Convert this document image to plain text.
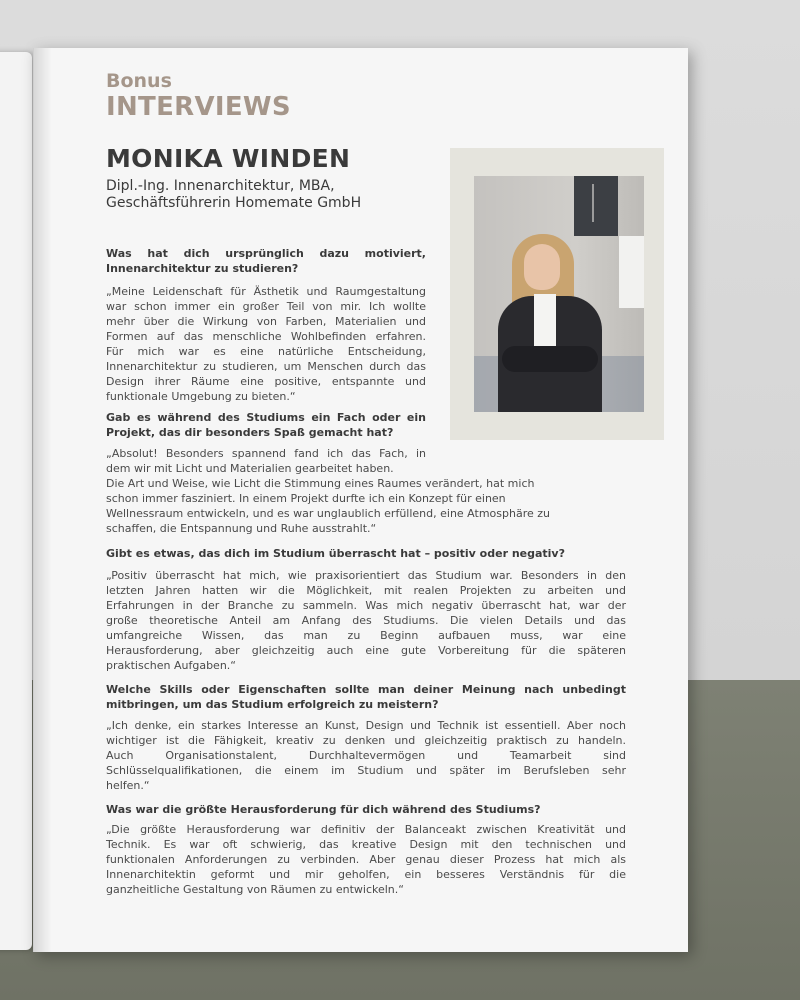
Bonus
INTERVIEWS
MONIKA WINDEN
Dipl.-Ing. Innenarchitektur, MBA,
Geschäftsführerin Homemate GmbH
Was hat dich ursprünglich dazu motiviert,
Innenarchitektur zu studieren?
„Meine Leidenschaft für Ästhetik und Raumgestaltung
war schon immer ein großer Teil von mir. Ich wollte
mehr über die Wirkung von Farben, Materialien und
Formen auf das menschliche Wohlbefinden erfahren.
Für mich war es eine natürliche Entscheidung,
Innenarchitektur zu studieren, um Menschen durch das
Design ihrer Räume eine positive, entspannte und
funktionale Umgebung zu bieten.“
Gab es während des Studiums ein Fach oder ein
Projekt, das dir besonders Spaß gemacht hat?
„Absolut! Besonders spannend fand ich das Fach, in
dem wir mit Licht und Materialien gearbeitet haben.
Die Art und Weise, wie Licht die Stimmung eines Raumes verändert, hat mich
schon immer fasziniert. In einem Projekt durfte ich ein Konzept für einen
Wellnessraum entwickeln, und es war unglaublich erfüllend, eine Atmosphäre zu
schaffen, die Entspannung und Ruhe ausstrahlt.“
Gibt es etwas, das dich im Studium überrascht hat – positiv oder negativ?
„Positiv überrascht hat mich, wie praxisorientiert das Studium war. Besonders in den
letzten Jahren hatten wir die Möglichkeit, mit realen Projekten zu arbeiten und
Erfahrungen in der Branche zu sammeln. Was mich negativ überrascht hat, war der
große theoretische Anteil am Anfang des Studiums. Die vielen Details und das
umfangreiche Wissen, das man zu Beginn aufbauen muss, war eine
Herausforderung, aber gleichzeitig auch eine gute Vorbereitung für die späteren
praktischen Aufgaben.“
Welche Skills oder Eigenschaften sollte man deiner Meinung nach unbedingt
mitbringen, um das Studium erfolgreich zu meistern?
„Ich denke, ein starkes Interesse an Kunst, Design und Technik ist essentiell. Aber noch
wichtiger ist die Fähigkeit, kreativ zu denken und gleichzeitig praktisch zu handeln.
Auch Organisationstalent, Durchhaltevermögen und Teamarbeit sind
Schlüsselqualifikationen, die einem im Studium und später im Berufsleben sehr
helfen.“
Was war die größte Herausforderung für dich während des Studiums?
„Die größte Herausforderung war definitiv der Balanceakt zwischen Kreativität und
Technik. Es war oft schwierig, das kreative Design mit den technischen und
funktionalen Anforderungen zu verbinden. Aber genau dieser Prozess hat mich als
Innenarchitektin geformt und mir geholfen, ein besseres Verständnis für die
ganzheitliche Gestaltung von Räumen zu entwickeln.“
